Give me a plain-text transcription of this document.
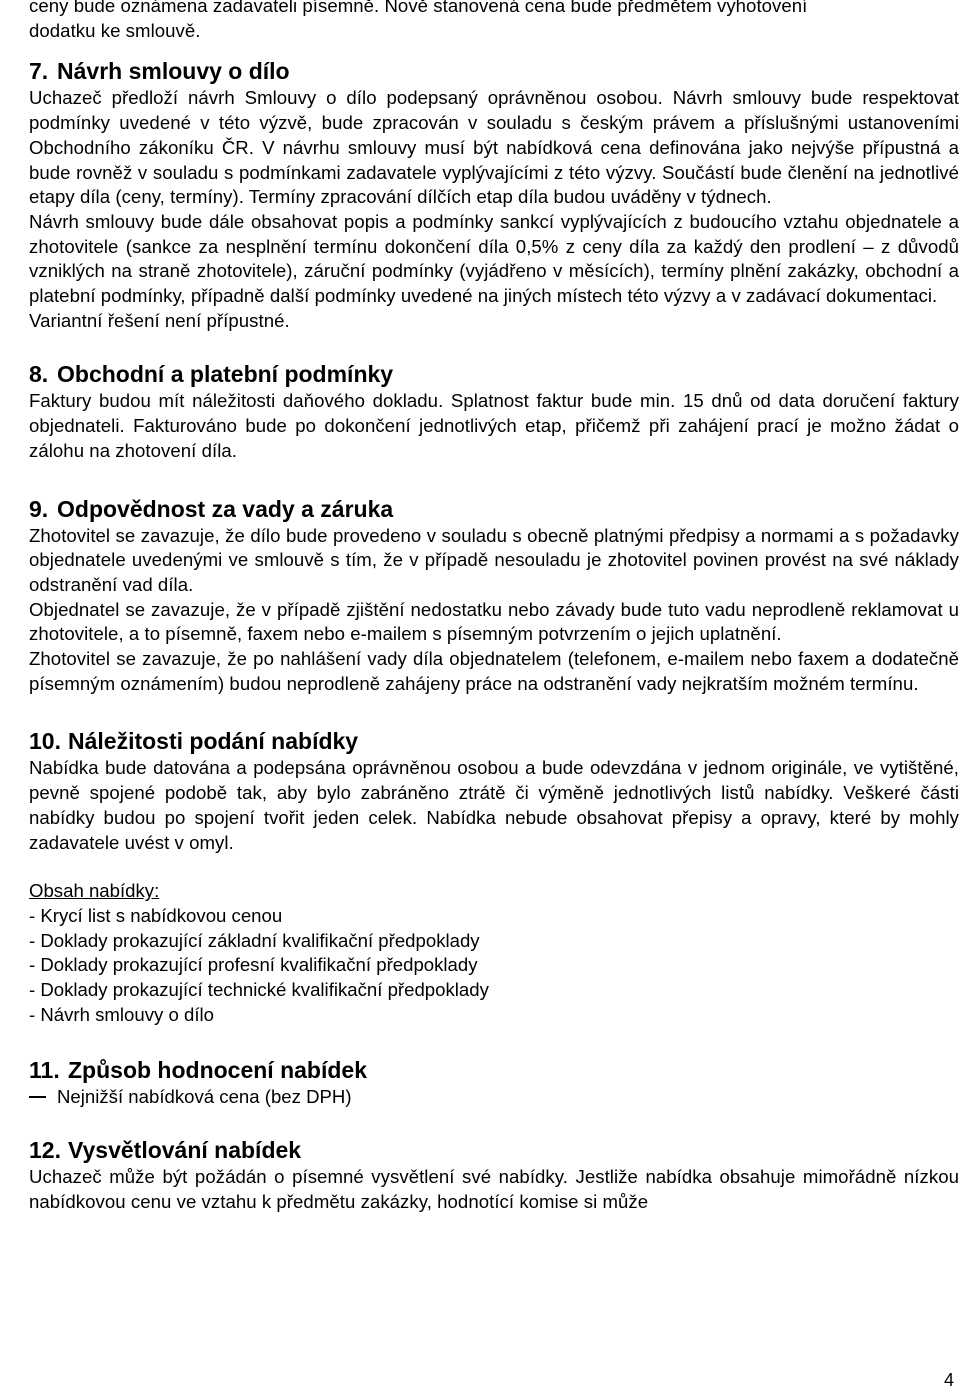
ceny bude oznámena zadavateli písemně. Nově stanovená cena bude předmětem vyhotovení

dodatku ke smlouvě.

7. Návrh smlouvy o dílo

Uchazeč předloží návrh Smlouvy o dílo podepsaný oprávněnou osobou. Návrh smlouvy bude respektovat podmínky uvedené v této výzvě, bude zpracován v souladu s českým právem a příslušnými ustanoveními Obchodního zákoníku ČR. V návrhu smlouvy musí být nabídková cena definována jako nejvýše přípustná a bude rovněž v souladu s podmínkami zadavatele vyplývajícími z této výzvy. Součástí bude členění na jednotlivé etapy díla (ceny, termíny). Termíny zpracování dílčích etap díla budou uváděny v týdnech.

Návrh smlouvy bude dále obsahovat popis a podmínky sankcí vyplývajících z budoucího vztahu objednatele a zhotovitele (sankce za nesplnění termínu dokončení díla 0,5% z ceny díla za každý den prodlení – z důvodů vzniklých na straně zhotovitele), záruční podmínky (vyjádřeno v měsících), termíny plnění zakázky, obchodní a platební podmínky, případně další podmínky uvedené na jiných místech této výzvy a v zadávací dokumentaci.

Variantní řešení není přípustné.

8. Obchodní a platební podmínky

Faktury budou mít náležitosti daňového dokladu. Splatnost faktur bude min. 15 dnů od data doručení faktury objednateli. Fakturováno bude po dokončení jednotlivých etap, přičemž při zahájení prací je možno žádat o zálohu na zhotovení díla.

9. Odpovědnost za vady a záruka

Zhotovitel se zavazuje, že dílo bude provedeno v souladu s obecně platnými předpisy a normami a s požadavky objednatele uvedenými ve smlouvě s tím, že v případě nesouladu je zhotovitel povinen provést na své náklady odstranění vad díla.

Objednatel se zavazuje, že v případě zjištění nedostatku nebo závady bude tuto vadu neprodleně reklamovat u zhotovitele, a to písemně, faxem nebo e-mailem s písemným potvrzením o jejich uplatnění.

Zhotovitel se zavazuje, že po nahlášení vady díla objednatelem (telefonem, e-mailem nebo faxem a dodatečně písemným oznámením) budou neprodleně zahájeny práce na odstranění vady nejkratším možném termínu.

10. Náležitosti podání nabídky

Nabídka bude datována a podepsána oprávněnou osobou a bude odevzdána v jednom originále, ve vytištěné, pevně spojené podobě tak, aby bylo zabráněno ztrátě či výměně jednotlivých listů nabídky. Veškeré části nabídky budou po spojení tvořit jeden celek. Nabídka nebude obsahovat přepisy a opravy, které by mohly zadavatele uvést v omyl.

Obsah nabídky:

- Krycí list s nabídkovou cenou

- Doklady prokazující základní kvalifikační předpoklady

- Doklady prokazující profesní kvalifikační předpoklady

- Doklady prokazující technické kvalifikační předpoklady

- Návrh smlouvy o dílo

11. Způsob hodnocení nabídek
Nejnižší nabídková cena (bez DPH)
12. Vysvětlování nabídek

Uchazeč může být požádán o písemné vysvětlení své nabídky. Jestliže nabídka obsahuje mimořádně nízkou nabídkovou cenu ve vztahu k předmětu zakázky, hodnotící komise si může

4
